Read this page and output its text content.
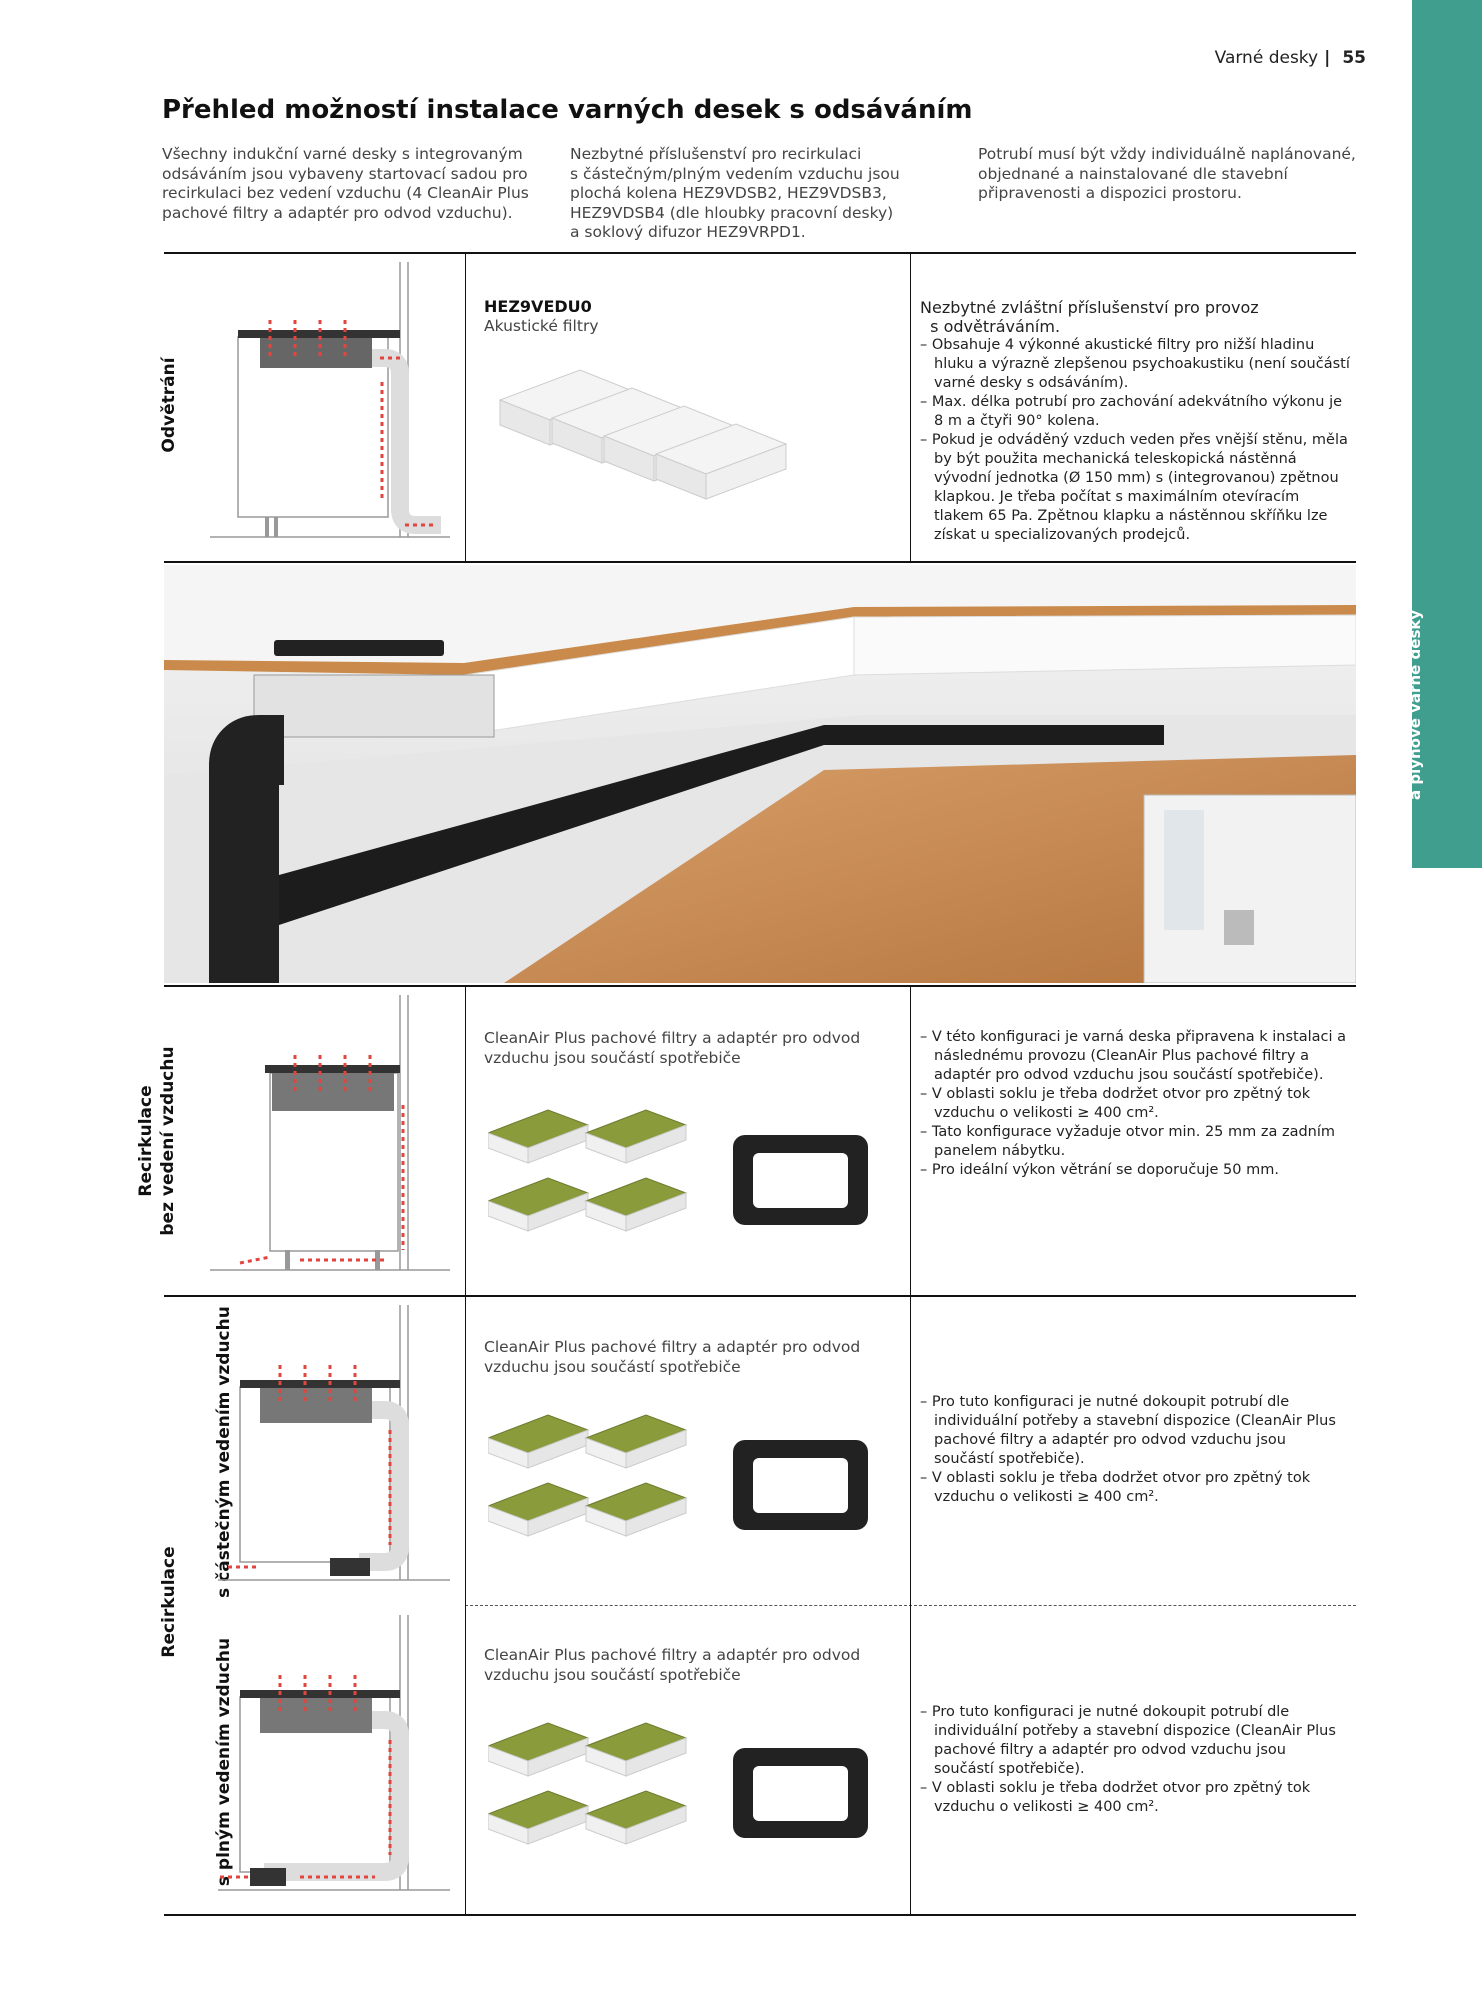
Varné desky | 55
Přehled možností instalace varných desek s odsáváním
Všechny indukční varné desky s integrovaným
odsáváním jsou vybaveny startovací sadou pro
recirkulaci bez vedení vzduchu (4 CleanAir Plus
pachové filtry a adaptér pro odvod vzduchu).
Nezbytné příslušenství pro recirkulaci
s částečným/plným vedením vzduchu jsou
plochá kolena HEZ9VDSB2, HEZ9VDSB3,
HEZ9VDSB4 (dle hloubky pracovní desky)
a soklový difuzor HEZ9VRPD1.
Potrubí musí být vždy individuálně naplánované,
objednané a nainstalované dle stavební
připravenosti a dispozici prostoru.
Varné desky
a plynové varné desky
Odvětrání
Recirkulace
bez vedení vzduchu
s částečným vedením vzduchu
s plným vedením vzduchu
Recirkulace
HEZ9VEDU0
Akustické filtry
Nezbytné zvláštní příslušenství pro provoz
s odvětráváním.
– Obsahuje 4 výkonné akustické filtry pro nižší hladinu hluku a výrazně zlepšenou psychoakustiku (není součástí varné desky s odsáváním).
– Max. délka potrubí pro zachování adekvátního výkonu je 8 m a čtyři 90° kolena.
– Pokud je odváděný vzduch veden přes vnější stěnu, měla by být použita mechanická teleskopická nástěnná vývodní jednotka (Ø 150 mm) s (integrovanou) zpětnou klapkou. Je třeba počítat s maximálním otevíracím tlakem 65 Pa. Zpětnou klapku a nástěnnou skříňku lze získat u specializovaných prodejců.
CleanAir Plus pachové filtry a adaptér pro odvod
vzduchu jsou součástí spotřebiče
– V této konfiguraci je varná deska připravena k instalaci a následnému provozu (CleanAir Plus pachové filtry a adaptér pro odvod vzduchu jsou součástí spotřebiče).
– V oblasti soklu je třeba dodržet otvor pro zpětný tok vzduchu o velikosti ≥ 400 cm².
– Tato konfigurace vyžaduje otvor min. 25 mm za zadním panelem nábytku.
– Pro ideální výkon větrání se doporučuje 50 mm.
CleanAir Plus pachové filtry a adaptér pro odvod
vzduchu jsou součástí spotřebiče
– Pro tuto konfiguraci je nutné dokoupit potrubí dle individuální potřeby a stavební dispozice (CleanAir Plus pachové filtry a adaptér pro odvod vzduchu jsou součástí spotřebiče).
– V oblasti soklu je třeba dodržet otvor pro zpětný tok vzduchu o velikosti ≥ 400 cm².
CleanAir Plus pachové filtry a adaptér pro odvod
vzduchu jsou součástí spotřebiče
– Pro tuto konfiguraci je nutné dokoupit potrubí dle individuální potřeby a stavební dispozice (CleanAir Plus pachové filtry a adaptér pro odvod vzduchu jsou součástí spotřebiče).
– V oblasti soklu je třeba dodržet otvor pro zpětný tok vzduchu o velikosti ≥ 400 cm².
